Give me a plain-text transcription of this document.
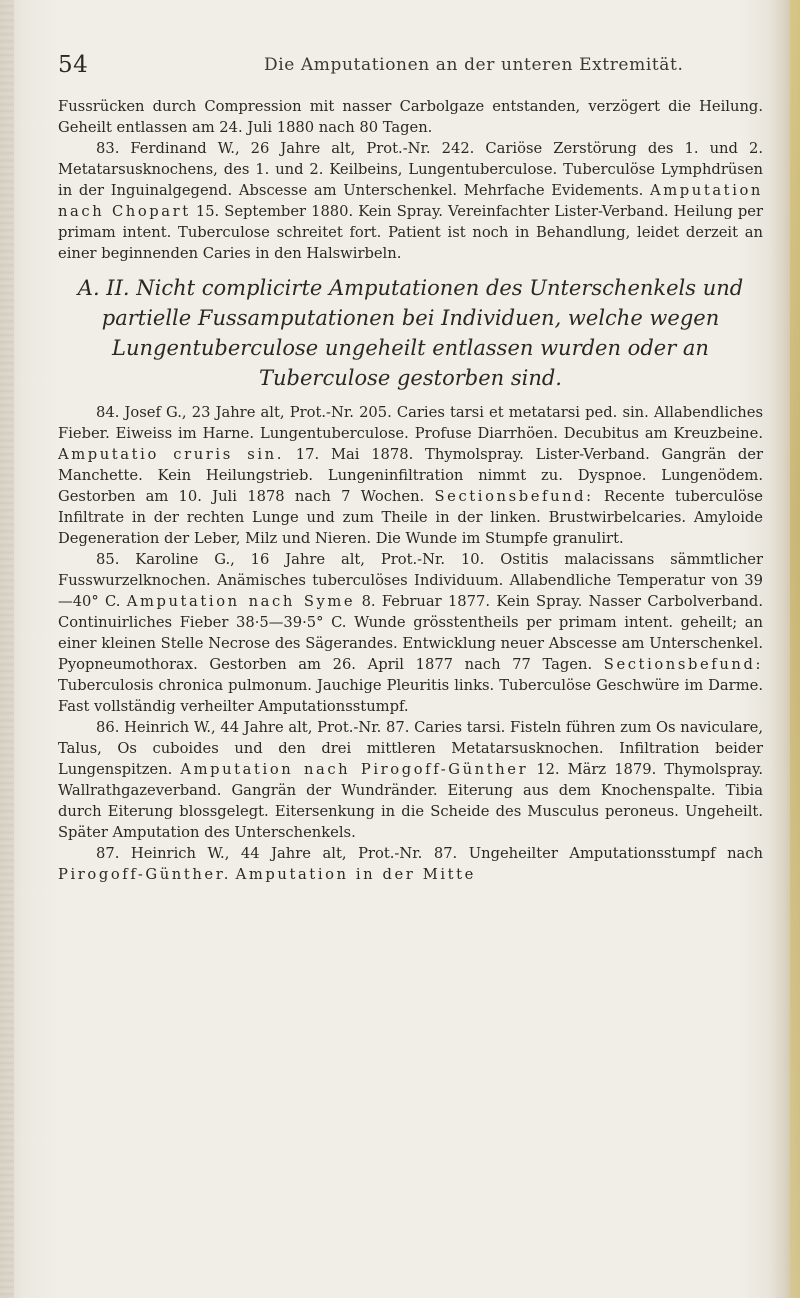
54	Die Amputationen an der unteren Extremität.

Fussrücken durch Compression mit nasser Carbolgaze entstanden, verzögert die Heilung. Geheilt entlassen am 24. Juli 1880 nach 80 Tagen.

83. Ferdinand W., 26 Jahre alt, Prot.-Nr. 242. Cariöse Zerstörung des 1. und 2. Metatarsusknochens, des 1. und 2. Keilbeins, Lungentuberculose. Tuberculöse Lymphdrüsen in der Inguinalgegend. Abscesse am Unterschenkel. Mehrfache Evidements. Amputation nach Chopart 15. September 1880. Kein Spray. Vereinfachter Lister-Verband. Heilung per primam intent. Tuberculose schreitet fort. Patient ist noch in Behandlung, leidet derzeit an einer beginnenden Caries in den Halswirbeln.

A. II. Nicht complicirte Amputationen des Unterschenkels und partielle Fussamputationen bei Individuen, welche wegen Lungentuberculose ungeheilt entlassen wurden oder an Tuberculose gestorben sind.

84. Josef G., 23 Jahre alt, Prot.-Nr. 205. Caries tarsi et metatarsi ped. sin. Allabendliches Fieber. Eiweiss im Harne. Lungentuberculose. Profuse Diarrhöen. Decubitus am Kreuzbeine. Amputatio cruris sin. 17. Mai 1878. Thymolspray. Lister-Verband. Gangrän der Manchette. Kein Heilungstrieb. Lungeninfiltration nimmt zu. Dyspnoe. Lungenödem. Gestorben am 10. Juli 1878 nach 7 Wochen. Sectionsbefund: Recente tuberculöse Infiltrate in der rechten Lunge und zum Theile in der linken. Brustwirbelcaries. Amyloide Degeneration der Leber, Milz und Nieren. Die Wunde im Stumpfe granulirt.

85. Karoline G., 16 Jahre alt, Prot.-Nr. 10. Ostitis malacissans sämmtlicher Fusswurzelknochen. Anämisches tuberculöses Individuum. Allabendliche Temperatur von 39—40° C. Amputation nach Syme 8. Februar 1877. Kein Spray. Nasser Carbolverband. Continuirliches Fieber 38·5—39·5° C. Wunde grösstentheils per primam intent. geheilt; an einer kleinen Stelle Necrose des Sägerandes. Entwicklung neuer Abscesse am Unterschenkel. Pyopneumothorax. Gestorben am 26. April 1877 nach 77 Tagen. Sectionsbefund: Tuberculosis chronica pulmonum. Jauchige Pleuritis links. Tuberculöse Geschwüre im Darme. Fast vollständig verheilter Amputationsstumpf.

86. Heinrich W., 44 Jahre alt, Prot.-Nr. 87. Caries tarsi. Fisteln führen zum Os naviculare, Talus, Os cuboides und den drei mittleren Metatarsusknochen. Infiltration beider Lungenspitzen. Amputation nach Pirogoff-Günther 12. März 1879. Thymolspray. Wallrathgazeverband. Gangrän der Wundränder. Eiterung aus dem Knochenspalte. Tibia durch Eiterung blossgelegt. Eitersenkung in die Scheide des Musculus peroneus. Ungeheilt. Später Amputation des Unterschenkels.

87. Heinrich W., 44 Jahre alt, Prot.-Nr. 87. Ungeheilter Amputationsstumpf nach Pirogoff-Günther. Amputation in der Mitte
